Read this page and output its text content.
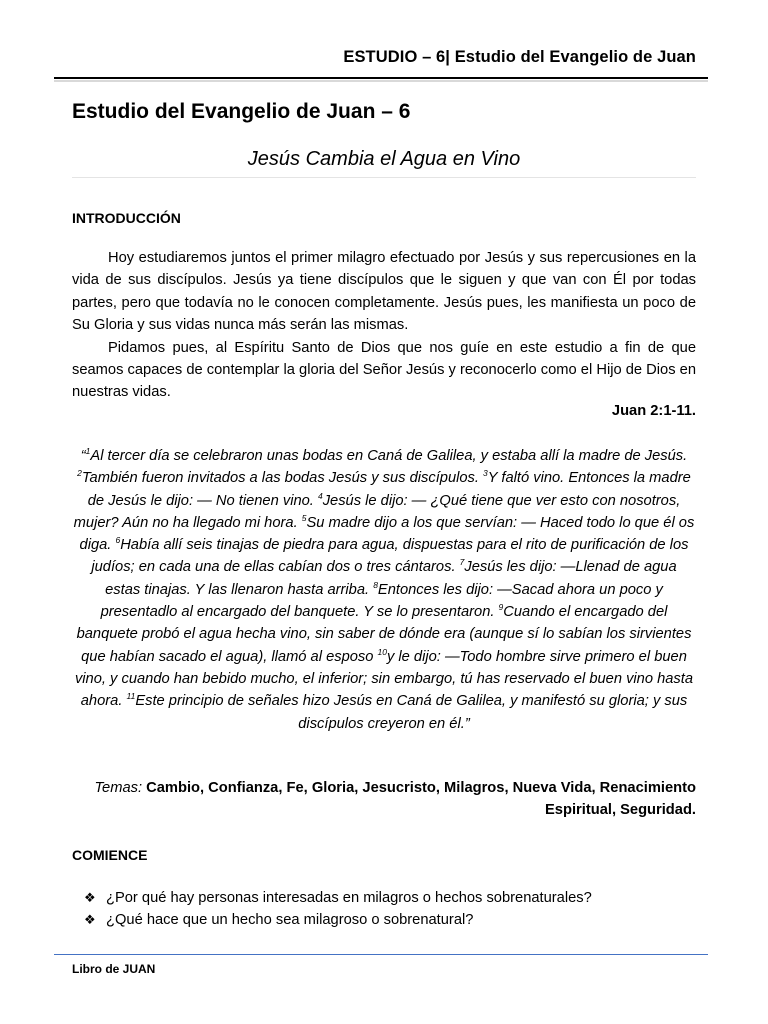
ESTUDIO – 6| Estudio del Evangelio de Juan
Estudio del Evangelio de Juan – 6
Jesús Cambia el Agua en Vino
INTRODUCCIÓN

Hoy estudiaremos juntos el primer milagro efectuado por Jesús y sus repercusiones en la vida de sus discípulos. Jesús ya tiene discípulos que le siguen y que van con Él por todas partes, pero que todavía no le conocen completamente. Jesús pues, les manifiesta un poco de Su Gloria y sus vidas nunca más serán las mismas.

Pidamos pues, al Espíritu Santo de Dios que nos guíe en este estudio a fin de que seamos capaces de contemplar la gloria del Señor Jesús y reconocerlo como el Hijo de Dios en nuestras vidas.

Juan 2:1-11.
“$^1$Al tercer día se celebraron unas bodas en Caná de Galilea, y estaba allí la madre de Jesús. $^2$También fueron invitados a las bodas Jesús y sus discípulos. $^3$Y faltó vino. Entonces la madre de Jesús le dijo: — No tienen vino. $^4$Jesús le dijo: — ¿Qué tiene que ver esto con nosotros, mujer? Aún no ha llegado mi hora. $^5$Su madre dijo a los que servían: — Haced todo lo que él os diga. $^6$Había allí seis tinajas de piedra para agua, dispuestas para el rito de purificación de los judíos; en cada una de ellas cabían dos o tres cántaros. $^7$Jesús les dijo: —Llenad de agua estas tinajas. Y las llenaron hasta arriba. $^8$Entonces les dijo: —Sacad ahora un poco y presentadlo al encargado del banquete. Y se lo presentaron. $^9$Cuando el encargado del banquete probó el agua hecha vino, sin saber de dónde era (aunque sí lo sabían los sirvientes que habían sacado el agua), llamó al esposo $^{10}$y le dijo: —Todo hombre sirve primero el buen vino, y cuando han bebido mucho, el inferior; sin embargo, tú has reservado el buen vino hasta ahora. $^{11}$Este principio de señales hizo Jesús en Caná de Galilea, y manifestó su gloria; y sus discípulos creyeron en él.”
Temas: Cambio, Confianza, Fe, Gloria, Jesucristo, Milagros, Nueva Vida, Renacimiento Espiritual, Seguridad.
COMIENCE
❖ ¿Por qué hay personas interesadas en milagros o hechos sobrenaturales?
❖ ¿Qué hace que un hecho sea milagroso o sobrenatural?
Libro de JUAN
